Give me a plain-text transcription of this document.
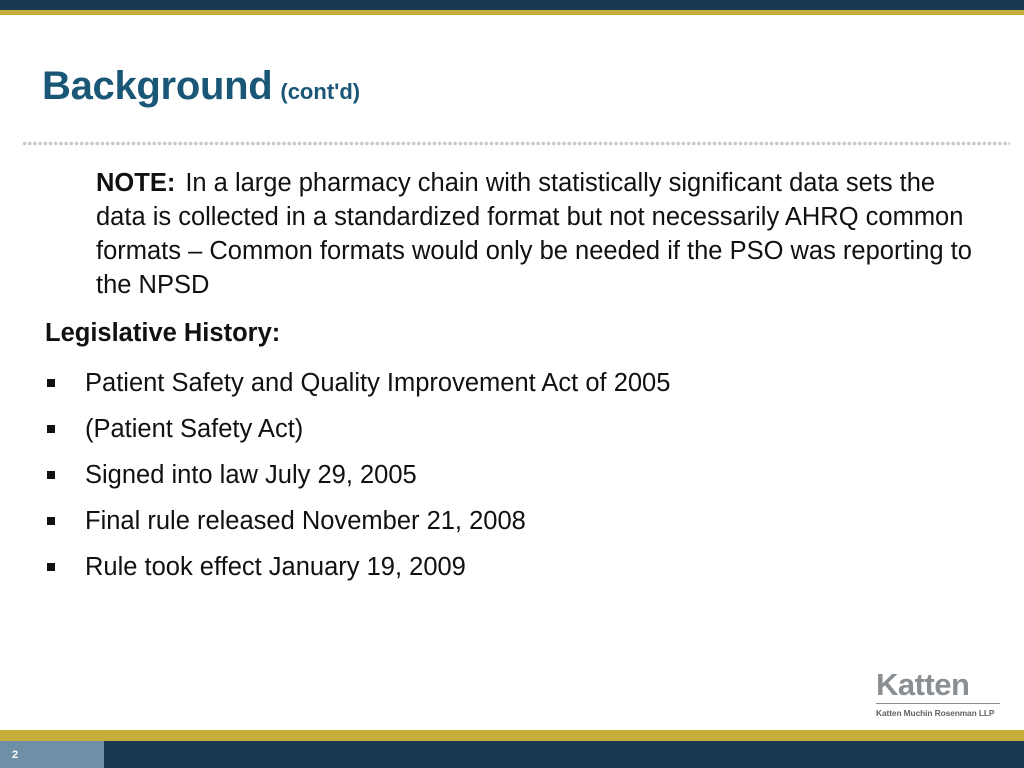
Background (cont'd)

NOTE: In a large pharmacy chain with statistically significant data sets the data is collected in a standardized format but not necessarily AHRQ common formats – Common formats would only be needed if the PSO was reporting to the NPSD

Legislative History:
Patient Safety and Quality Improvement Act of 2005
(Patient Safety Act)
Signed into law July 29, 2005
Final rule released November 21, 2008
Rule took effect January 19, 2009
Katten
Katten Muchin Rosenman LLP
2
